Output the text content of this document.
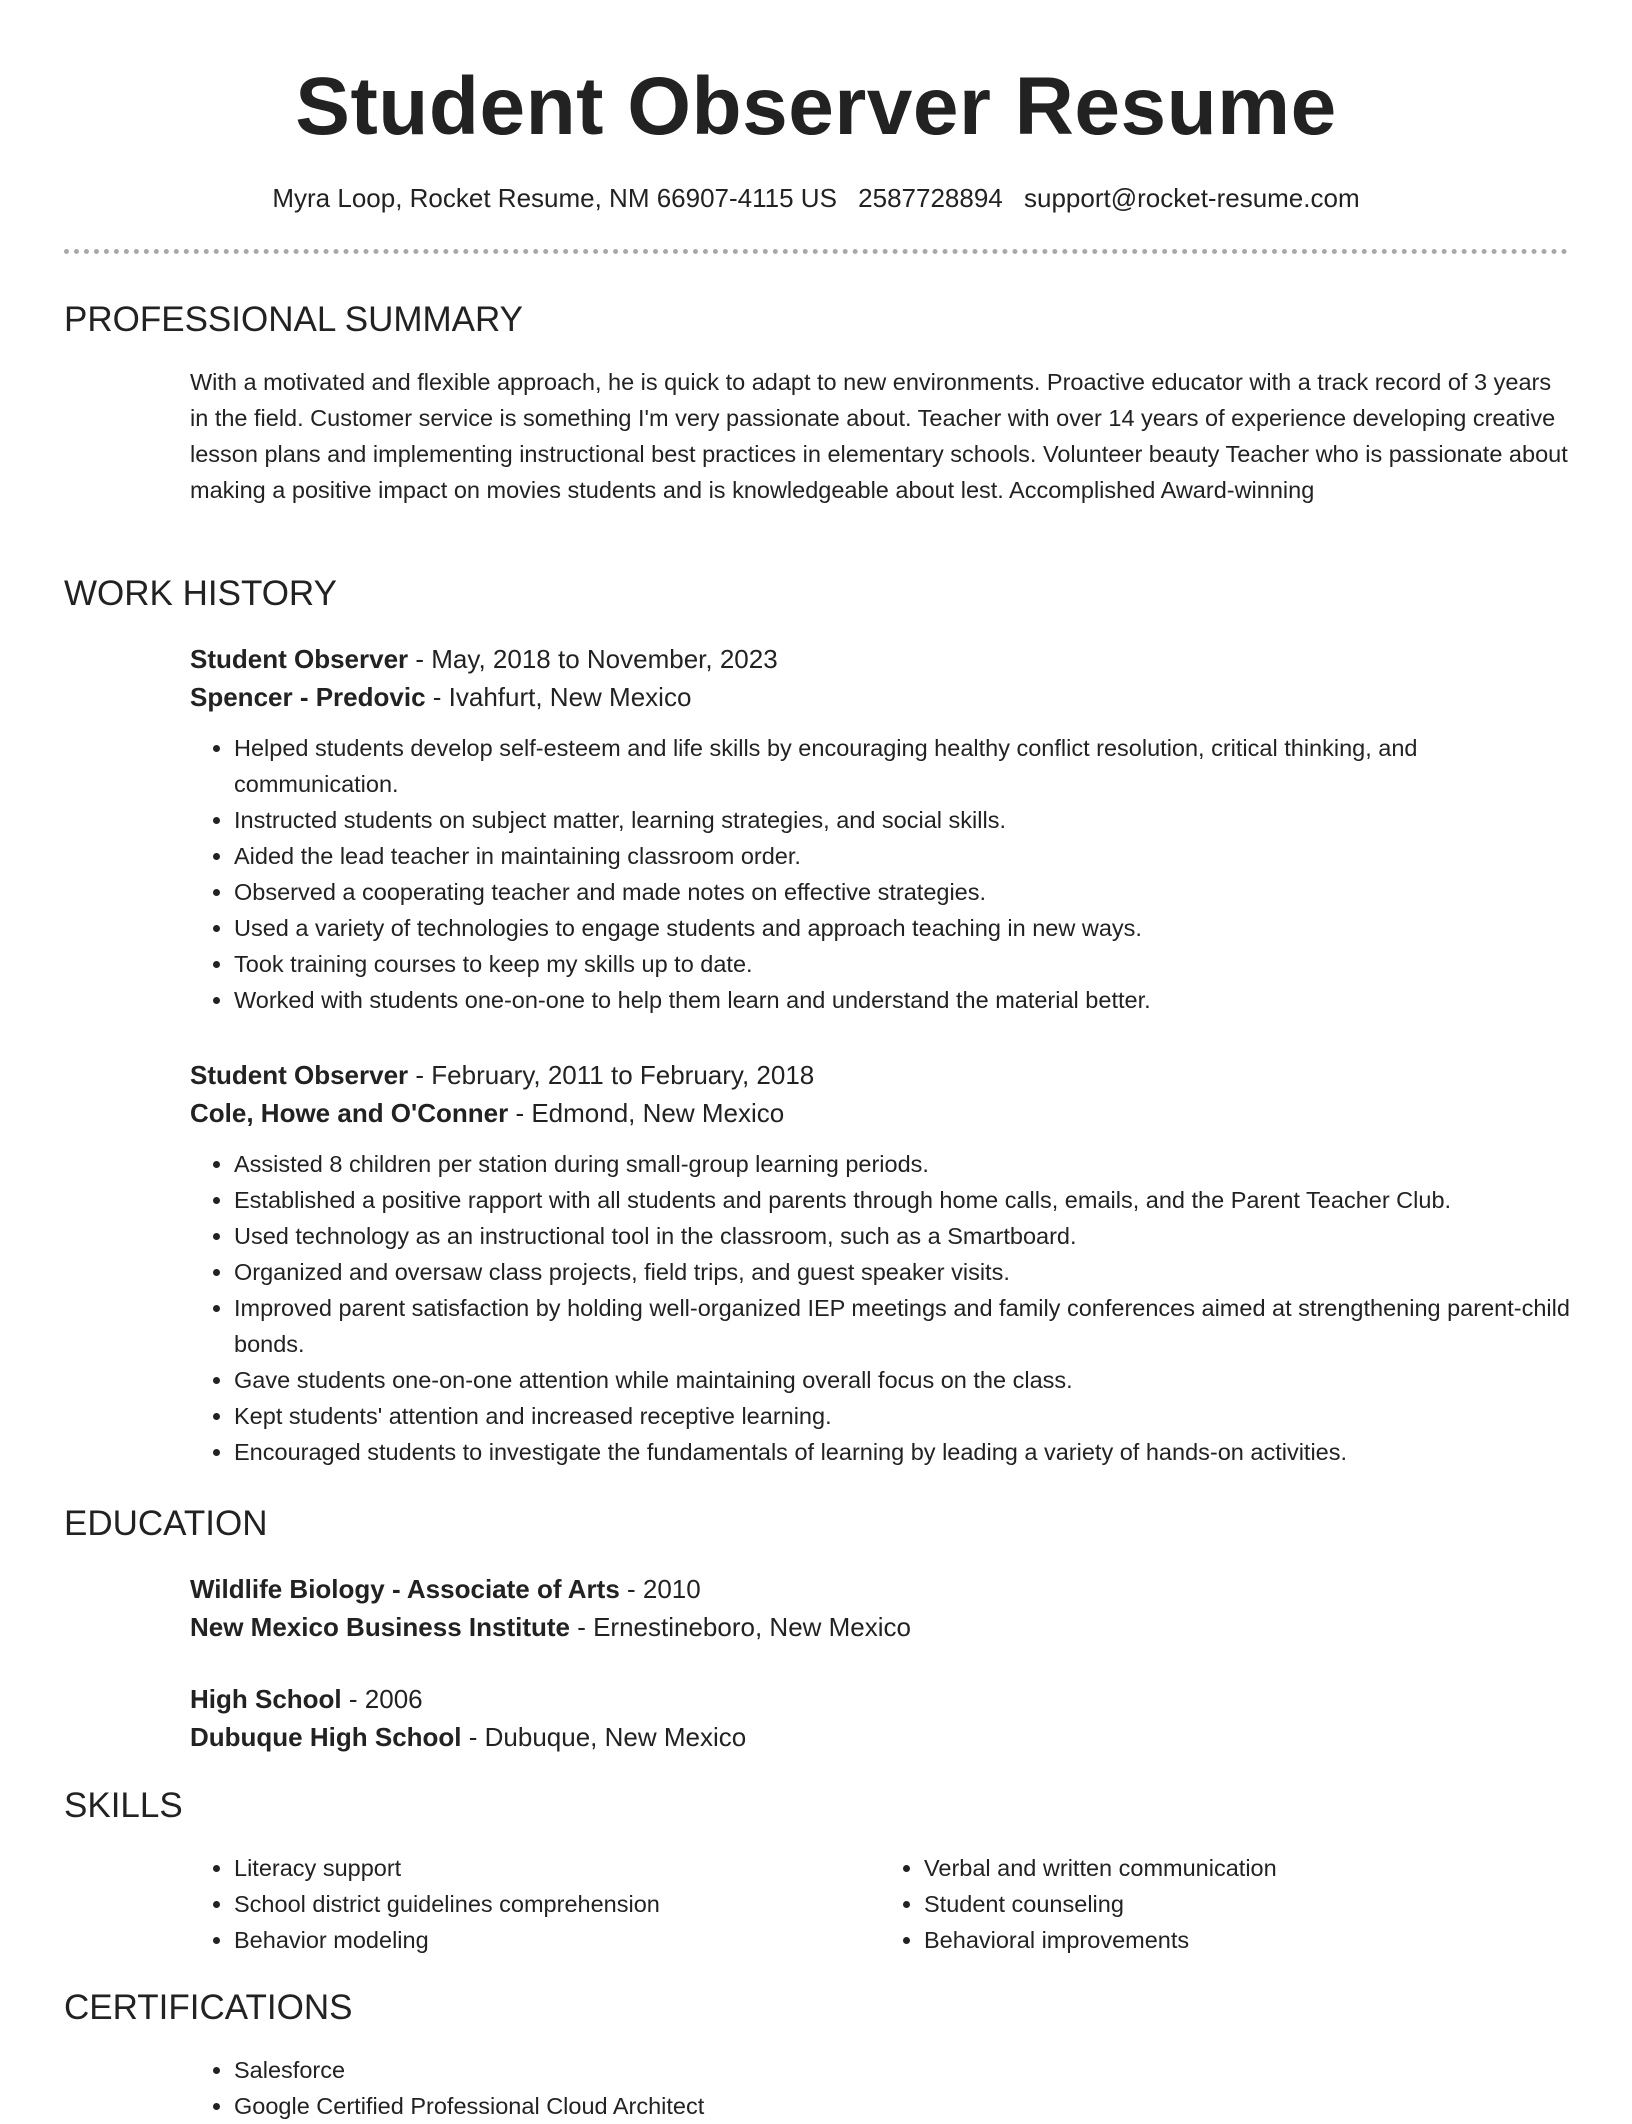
Student Observer Resume
Myra Loop, Rocket Resume, NM 66907-4115 US 2587728894 support@rocket-resume.com
PROFESSIONAL SUMMARY

With a motivated and flexible approach, he is quick to adapt to new environments. Proactive educator with a track record of 3 years in the field. Customer service is something I'm very passionate about. Teacher with over 14 years of experience developing creative lesson plans and implementing instructional best practices in elementary schools. Volunteer beauty Teacher who is passionate about making a positive impact on movies students and is knowledgeable about lest. Accomplished Award-winning

WORK HISTORY
Student Observer - May, 2018 to November, 2023
Spencer - Predovic - Ivahfurt, New Mexico
• Helped students develop self-esteem and life skills by encouraging healthy conflict resolution, critical thinking, and communication.
• Instructed students on subject matter, learning strategies, and social skills.
• Aided the lead teacher in maintaining classroom order.
• Observed a cooperating teacher and made notes on effective strategies.
• Used a variety of technologies to engage students and approach teaching in new ways.
• Took training courses to keep my skills up to date.
• Worked with students one-on-one to help them learn and understand the material better.
Student Observer - February, 2011 to February, 2018
Cole, Howe and O'Conner - Edmond, New Mexico
• Assisted 8 children per station during small-group learning periods.
• Established a positive rapport with all students and parents through home calls, emails, and the Parent Teacher Club.
• Used technology as an instructional tool in the classroom, such as a Smartboard.
• Organized and oversaw class projects, field trips, and guest speaker visits.
• Improved parent satisfaction by holding well-organized IEP meetings and family conferences aimed at strengthening parent-child bonds.
• Gave students one-on-one attention while maintaining overall focus on the class.
• Kept students' attention and increased receptive learning.
• Encouraged students to investigate the fundamentals of learning by leading a variety of hands-on activities.
EDUCATION
Wildlife Biology - Associate of Arts - 2010
New Mexico Business Institute - Ernestineboro, New Mexico
High School - 2006
Dubuque High School - Dubuque, New Mexico
SKILLS
• Literacy support
• School district guidelines comprehension
• Behavior modeling
• Verbal and written communication
• Student counseling
• Behavioral improvements
CERTIFICATIONS
• Salesforce
• Google Certified Professional Cloud Architect
